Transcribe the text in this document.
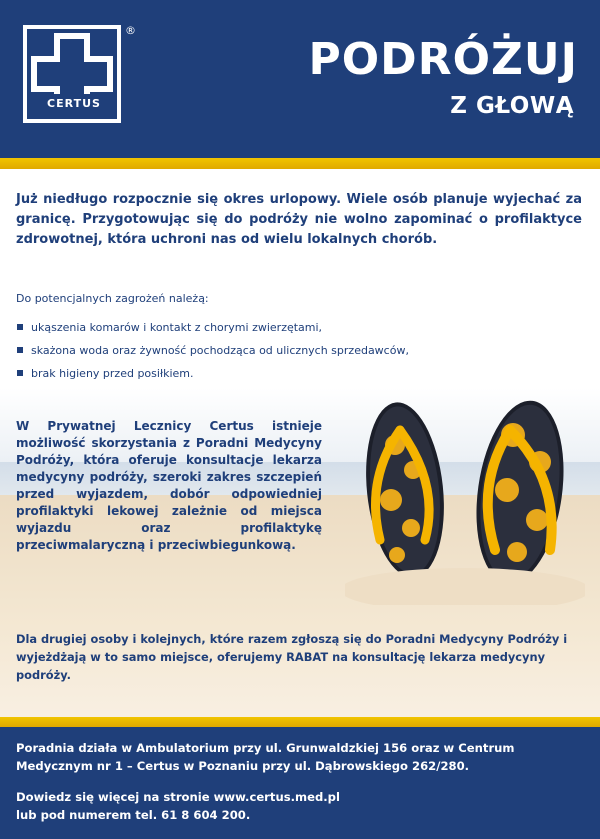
CERTUS
®
PODRÓŻUJ
Z GŁOWĄ

Już niedługo rozpocznie się okres urlopowy. Wiele osób planuje wyjechać za granicę. Przygotowując się do podróży nie wolno zapominać o profilaktyce zdrowotnej, która uchroni nas od wielu lokalnych chorób.

Do potencjalnych zagrożeń należą:

ukąszenia komarów i kontakt z chorymi zwierzętami,
skażona woda oraz żywność pochodząca od ulicznych sprzedawców,
brak higieny przed posiłkiem.

W Prywatnej Lecznicy Certus istnieje możliwość skorzystania z Poradni Medycyny Podróży, która oferuje konsultacje lekarza medycyny podróży, szeroki zakres szczepień przed wyjazdem, dobór odpowiedniej profilaktyki lekowej zależnie od miejsca wyjazdu oraz profilaktykę przeciwmalaryczną i przeciwbiegunkową.

Dla drugiej osoby i kolejnych, które razem zgłoszą się do Poradni Medycyny Podróży i wyjeżdżają w to samo miejsce, oferujemy RABAT na konsultację lekarza medycyny podróży.

Poradnia działa w Ambulatorium przy ul. Grunwaldzkiej 156 oraz w Centrum Medycznym nr 1 – Certus w Poznaniu przy ul. Dąbrowskiego 262/280.

Dowiedz się więcej na stronie www.certus.med.pl
lub pod numerem tel. 61 8 604 200.
